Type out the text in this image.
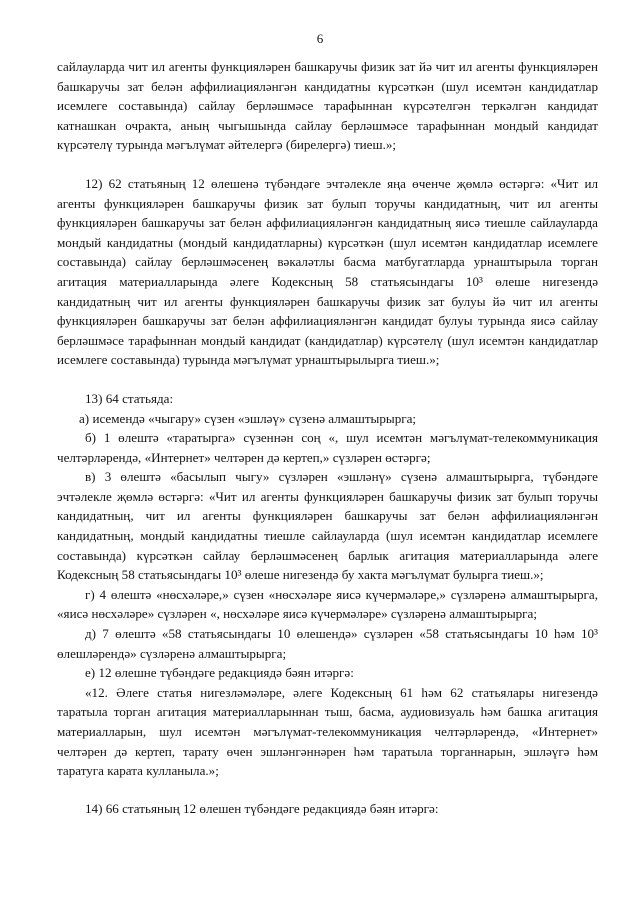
6

сайлауларда чит ил агенты функцияләрен башкаручы физик зат йә чит ил агенты функцияләрен башкаручы зат белән аффилиацияләнгән кандидатны күрсәткән (шул исемтән кандидатлар исемлеге составында) сайлау берләшмәсе тарафыннан күрсәтелгән теркәлгән кандидат катнашкан очракта, аның чыгышында сайлау берләшмәсе тарафыннан мондый кандидат күрсәтелү турында мәгълүмат әйтелергә (бирелергә) тиеш.»;

12) 62 статьяның 12 өлешенә түбәндәге эчтәлекле яңа өченче җөмлә өстәргә: «Чит ил агенты функцияләрен башкаручы физик зат булып торучы кандидатның, чит ил агенты функцияләрен башкаручы зат белән аффилиацияләнгән кандидатның яисә тиешле сайлауларда мондый кандидатны (мондый кандидатларны) күрсәткән (шул исемтән кандидатлар исемлеге составында) сайлау берләшмәсенең вәкаләтлы басма матбугатларда урнаштырыла торган агитация материалларында әлеге Кодексның 58 статьясындагы 10³ өлеше нигезендә кандидатның чит ил агенты функцияләрен башкаручы физик зат булуы йә чит ил агенты функцияләрен башкаручы зат белән аффилиацияләнгән кандидат булуы турында яисә сайлау берләшмәсе тарафыннан мондый кандидат (кандидатлар) күрсәтелү (шул исемтән кандидатлар исемлеге составында) турында мәгълүмат урнаштырылырга тиеш.»;

13) 64 статьяда:

а) исемендә «чыгару» сүзен «эшләү» сүзенә алмаштырырга;

б) 1 өлештә «таратырга» сүзеннән соң «, шул исемтән мәгълүмат-телекоммуникация челтәрләрендә, «Интернет» челтәрен дә кертеп,» сүзләрен өстәргә;

в) 3 өлештә «басылып чыгу» сүзләрен «эшләнү» сүзенә алмаштырырга, түбәндәге эчтәлекле җөмлә өстәргә: «Чит ил агенты функцияләрен башкаручы физик зат булып торучы кандидатның, чит ил агенты функцияләрен башкаручы зат белән аффилиацияләнгән кандидатның, мондый кандидатны тиешле сайлауларда (шул исемтән кандидатлар исемлеге составында) күрсәткән сайлау берләшмәсенең барлык агитация материалларында әлеге Кодексның 58 статьясындагы 10³ өлеше нигезендә бу хакта мәгълүмат булырга тиеш.»;

г) 4 өлештә «нөсхәләре,» сүзен «нөсхәләре яисә күчермәләре,» сүзләренә алмаштырырга, «яисә нөсхәләре» сүзләрен «, нөсхәләре яисә күчермәләре» сүзләренә алмаштырырга;

д) 7 өлештә «58 статьясындагы 10 өлешендә» сүзләрен «58 статьясындагы 10 һәм 10³ өлешләрендә» сүзләренә алмаштырырга;

е) 12 өлешне түбәндәге редакциядә бәян итәргә:

«12. Әлеге статья нигезләмәләре, әлеге Кодексның 61 һәм 62 статьялары нигезендә таратыла торган агитация материалларыннан тыш, басма, аудиовизуаль һәм башка агитация материалларын, шул исемтән мәгълүмат-телекоммуникация челтәрләрендә, «Интернет» челтәрен дә кертеп, тарату өчен эшләнгәннәрен һәм таратыла торганнарын, эшләүгә һәм таратуга карата кулланыла.»;

14) 66 статьяның 12 өлешен түбәндәге редакциядә бәян итәргә:
